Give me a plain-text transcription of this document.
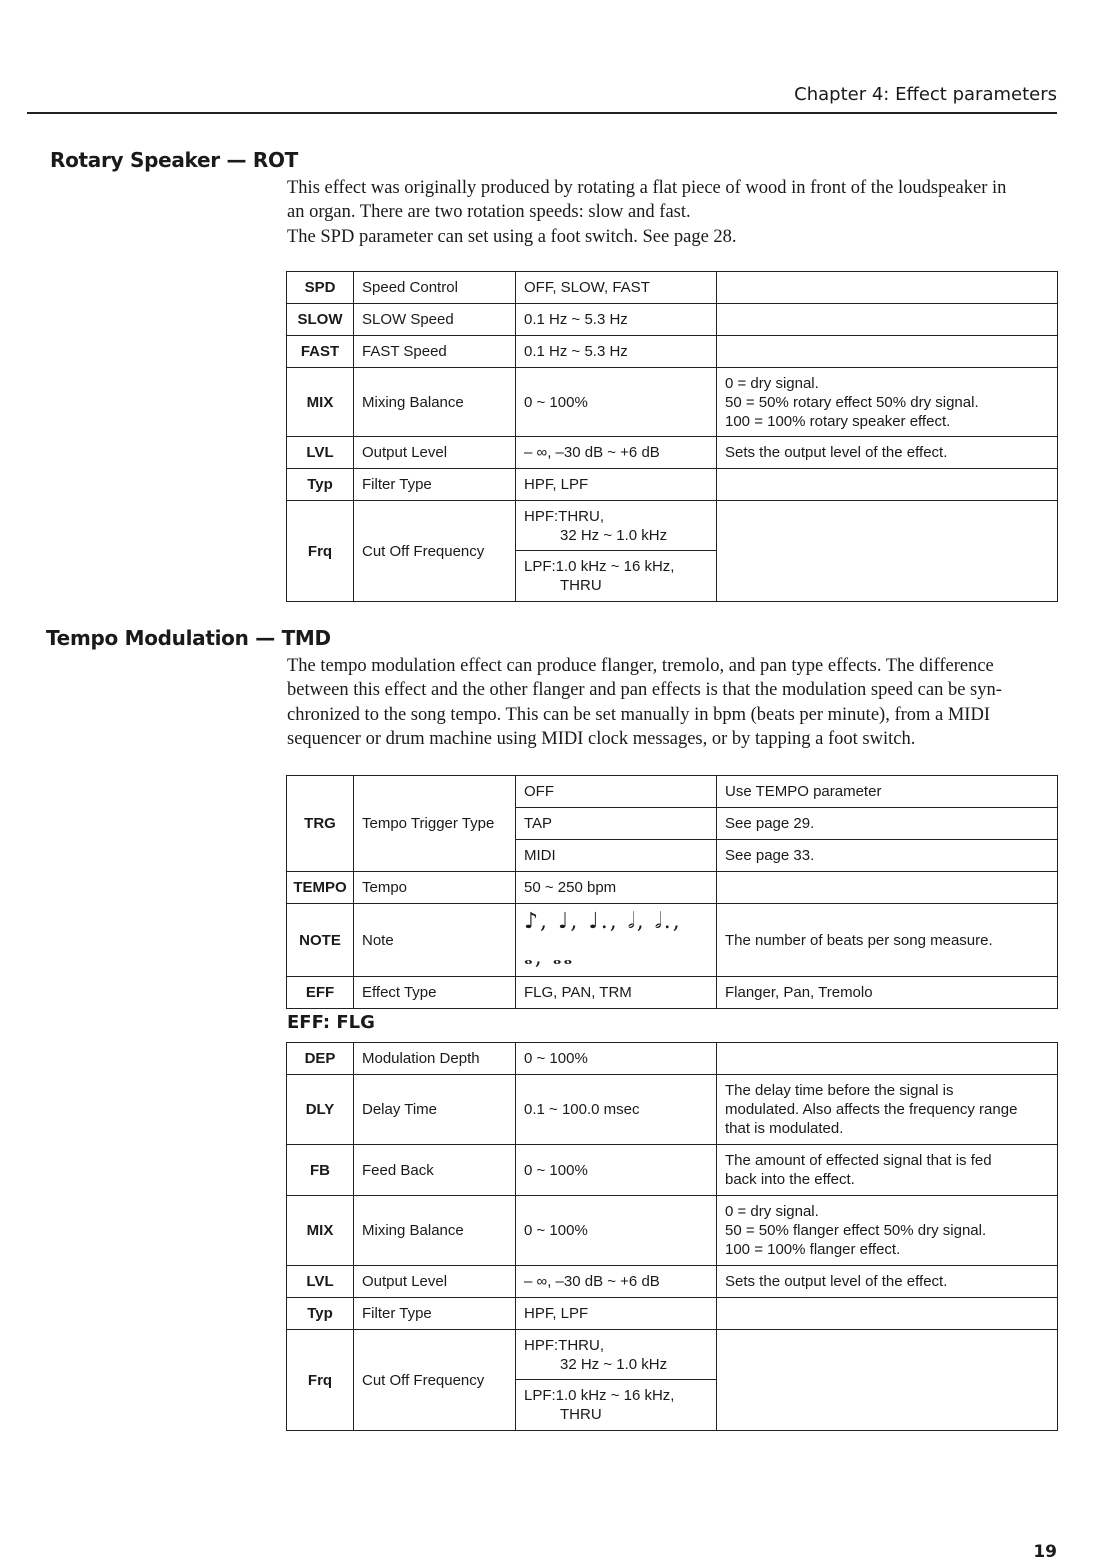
Chapter 4: Effect parameters
Rotary Speaker — ROT
This effect was originally produced by rotating a flat piece of wood in front of the loudspeaker in
an organ. There are two rotation speeds: slow and fast.
The SPD parameter can set using a foot switch. See page 28.
SPD	Speed Control	OFF, SLOW, FAST	
SLOW	SLOW Speed	0.1 Hz ~ 5.3 Hz	
FAST	FAST Speed	0.1 Hz ~ 5.3 Hz	
MIX	Mixing Balance	0 ~ 100%	0 = dry signal.
50 = 50% rotary effect 50% dry signal.
100 = 100% rotary speaker effect.

LVL	Output Level	– ∞, –30 dB ~ +6 dB	Sets the output level of the effect.
Typ	Filter Type	HPF, LPF	
Frq	Cut Off Frequency	HPF:THRU,
32 Hz ~ 1.0 kHz	

		LPF:1.0 kHz ~ 16 kHz,
THRU	
Tempo Modulation — TMD
The tempo modulation effect can produce flanger, tremolo, and pan type effects. The difference
between this effect and the other flanger and pan effects is that the modulation speed can be syn-
chronized to the song tempo. This can be set manually in bpm (beats per minute), from a MIDI
sequencer or drum machine using MIDI clock messages, or by tapping a foot switch.
TRG	Tempo Trigger Type	OFF	Use TEMPO parameter
		TAP	See page 29.
		MIDI	See page 33.
TEMPO	Tempo	50 ~ 250 bpm	
NOTE	Note	♪, ♩, ♩., 𝅗𝅥, 𝅗𝅥., 𝅝, 𝅝𝅝	The number of beats per song measure.
EFF	Effect Type	FLG, PAN, TRM	Flanger, Pan, Tremolo
EFF: FLG
DEP	Modulation Depth	0 ~ 100%	
DLY	Delay Time	0.1 ~ 100.0 msec	The delay time before the signal is
modulated. Also affects the frequency range
that is modulated.

FB	Feed Back	0 ~ 100%	The amount of effected signal that is fed
back into the effect.

MIX	Mixing Balance	0 ~ 100%	0 = dry signal.
50 = 50% flanger effect 50% dry signal.
100 = 100% flanger effect.

LVL	Output Level	– ∞, –30 dB ~ +6 dB	Sets the output level of the effect.
Typ	Filter Type	HPF, LPF	
Frq	Cut Off Frequency	HPF:THRU,
32 Hz ~ 1.0 kHz	

		LPF:1.0 kHz ~ 16 kHz,
THRU	
19
